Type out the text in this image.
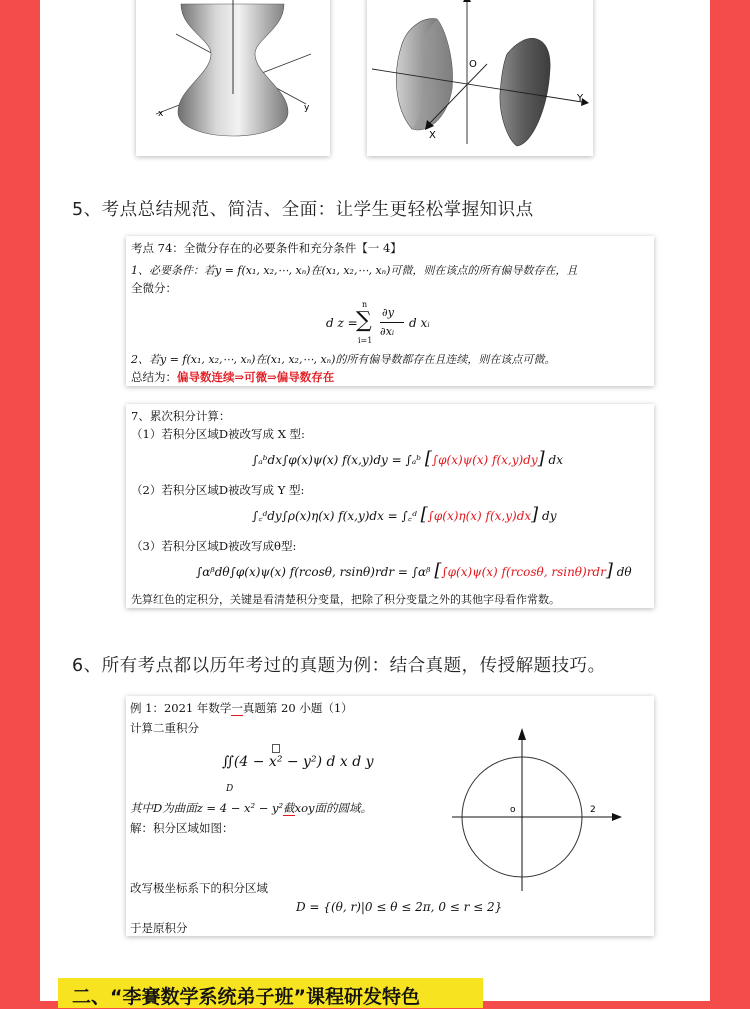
x
y
O
X
Y
5、考点总结规范、简洁、全面：让学生更轻松掌握知识点
考点 74：全微分存在的必要条件和充分条件【一 4】
1、必要条件：若y = f(x₁, x₂,⋯, xₙ)在(x₁, x₂,⋯, xₙ)可微，则在该点的所有偏导数存在，且
全微分：
d z =
n
∑
i=1
∂y
∂xᵢ
d xᵢ
2、若y = f(x₁, x₂,⋯, xₙ)在(x₁, x₂,⋯, xₙ)的所有偏导数都存在且连续，则在该点可微。
总结为：偏导数连续⇒可微⇒偏导数存在
7、累次积分计算：
（1）若积分区域D被改写成 X 型:
∫ₐᵇdx∫φ(x)ψ(x) f(x,y)dy = ∫ₐᵇ [∫φ(x)ψ(x) f(x,y)dy] dx
（2）若积分区域D被改写成 Y 型:
∫꜀ᵈdy∫ρ(x)η(x) f(x,y)dx = ∫꜀ᵈ [∫φ(x)η(x) f(x,y)dx] dy
（3）若积分区域D被改写成θ型:
∫αᵝdθ∫φ(x)ψ(x) f(rcosθ, rsinθ)rdr = ∫αᵝ [∫φ(x)ψ(x) f(rcosθ, rsinθ)rdr] dθ
先算红色的定积分，关键是看清楚积分变量，把除了积分变量之外的其他字母看作常数。
6、所有考点都以历年考过的真题为例：结合真题，传授解题技巧。
例 1：2021 年数学一真题第 20 小题（1）
计算二重积分
∬(4 − x² − y²) d x d y
D
其中D为曲面z = 4 − x² − y²截xoy面的圆域。
解：积分区域如图：
改写极坐标系下的积分区域
D = {(θ, r)|0 ≤ θ ≤ 2π, 0 ≤ r ≤ 2}
于是原积分
o	2
二、“李賽数学系统弟子班”课程研发特色
